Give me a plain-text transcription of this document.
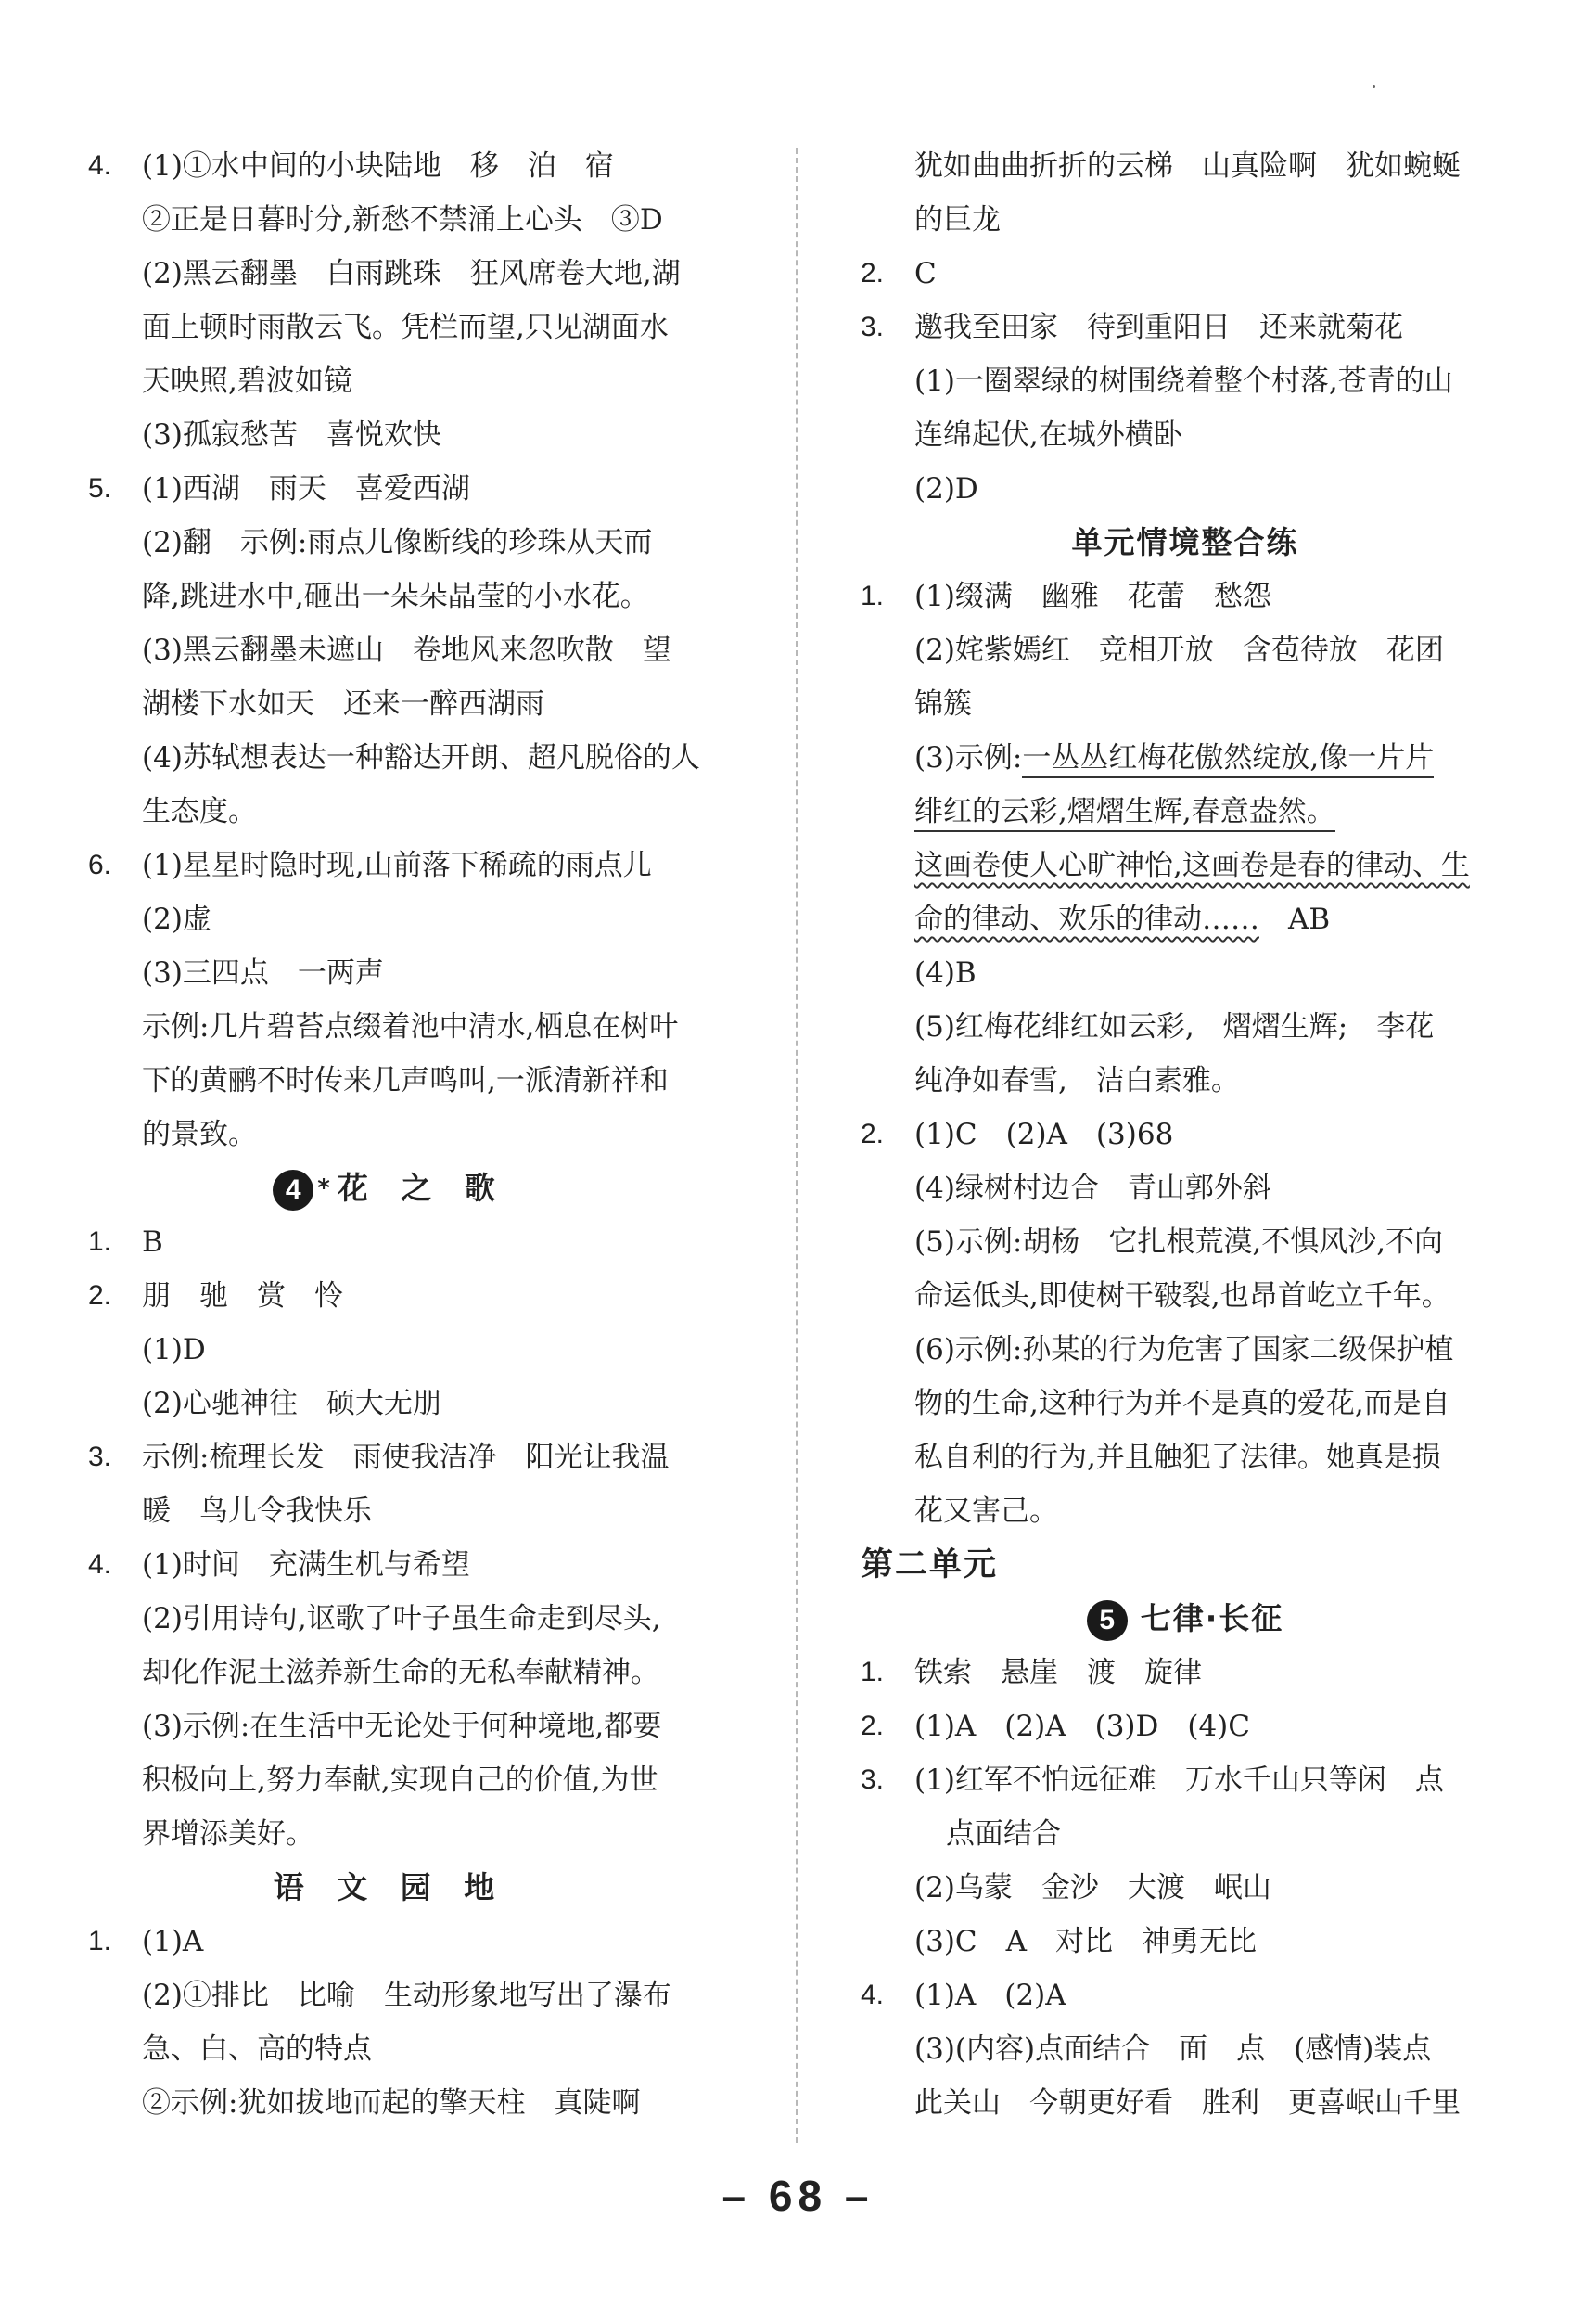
4. (1)①水中间的小块陆地　移　泊　宿
②正是日暮时分,新愁不禁涌上心头　③D
(2)黑云翻墨　白雨跳珠　狂风席卷大地,湖
面上顿时雨散云飞。凭栏而望,只见湖面水
天映照,碧波如镜
(3)孤寂愁苦　喜悦欢快
5. (1)西湖　雨天　喜爱西湖
(2)翻　示例:雨点儿像断线的珍珠从天而
降,跳进水中,砸出一朵朵晶莹的小水花。
(3)黑云翻墨未遮山　卷地风来忽吹散　望
湖楼下水如天　还来一醉西湖雨
(4)苏轼想表达一种豁达开朗、超凡脱俗的人
生态度。
6. (1)星星时隐时现,山前落下稀疏的雨点儿
(2)虚
(3)三四点　一两声
示例:几片碧苔点缀着池中清水,栖息在树叶
下的黄鹂不时传来几声鸣叫,一派清新祥和
的景致。
4 * 花 之 歌
1. B
2. 朋　驰　赏　怜
(1)D
(2)心驰神往　硕大无朋
3. 示例:梳理长发　雨使我洁净　阳光让我温
暖　鸟儿令我快乐
4. (1)时间　充满生机与希望
(2)引用诗句,讴歌了叶子虽生命走到尽头,
却化作泥土滋养新生命的无私奉献精神。
(3)示例:在生活中无论处于何种境地,都要
积极向上,努力奉献,实现自己的价值,为世
界增添美好。
语 文 园 地
1. (1)A
(2)①排比　比喻　生动形象地写出了瀑布
急、白、高的特点
②示例:犹如拔地而起的擎天柱　真陡啊
犹如曲曲折折的云梯　山真险啊　犹如蜿蜒
的巨龙
2. C
3. 邀我至田家　待到重阳日　还来就菊花
(1)一圈翠绿的树围绕着整个村落,苍青的山
连绵起伏,在城外横卧
(2)D
单元情境整合练
1. (1)缀满　幽雅　花蕾　愁怨
(2)姹紫嫣红　竞相开放　含苞待放　花团
锦簇
(3)示例:一丛丛红梅花傲然绽放,像一片片
绯红的云彩,熠熠生辉,春意盎然。
这画卷使人心旷神怡,这画卷是春的律动、生
命的律动、欢乐的律动……　AB
(4)B
(5)红梅花绯红如云彩,　熠熠生辉;　李花
纯净如春雪,　洁白素雅。
2. (1)C　(2)A　(3)68
(4)绿树村边合　青山郭外斜
(5)示例:胡杨　它扎根荒漠,不惧风沙,不向
命运低头,即使树干皲裂,也昂首屹立千年。
(6)示例:孙某的行为危害了国家二级保护植
物的生命,这种行为并不是真的爱花,而是自
私自利的行为,并且触犯了法律。她真是损
花又害己。
第二单元
5 七律·长征
1. 铁索　悬崖　渡　旋律
2. (1)A　(2)A　(3)D　(4)C
3. (1)红军不怕远征难　万水千山只等闲　点
点面结合
(2)乌蒙　金沙　大渡　岷山
(3)C　A　对比　神勇无比
4. (1)A　(2)A
(3)(内容)点面结合　面　点　(感情)装点
此关山　今朝更好看　胜利　更喜岷山千里
– 68 –
